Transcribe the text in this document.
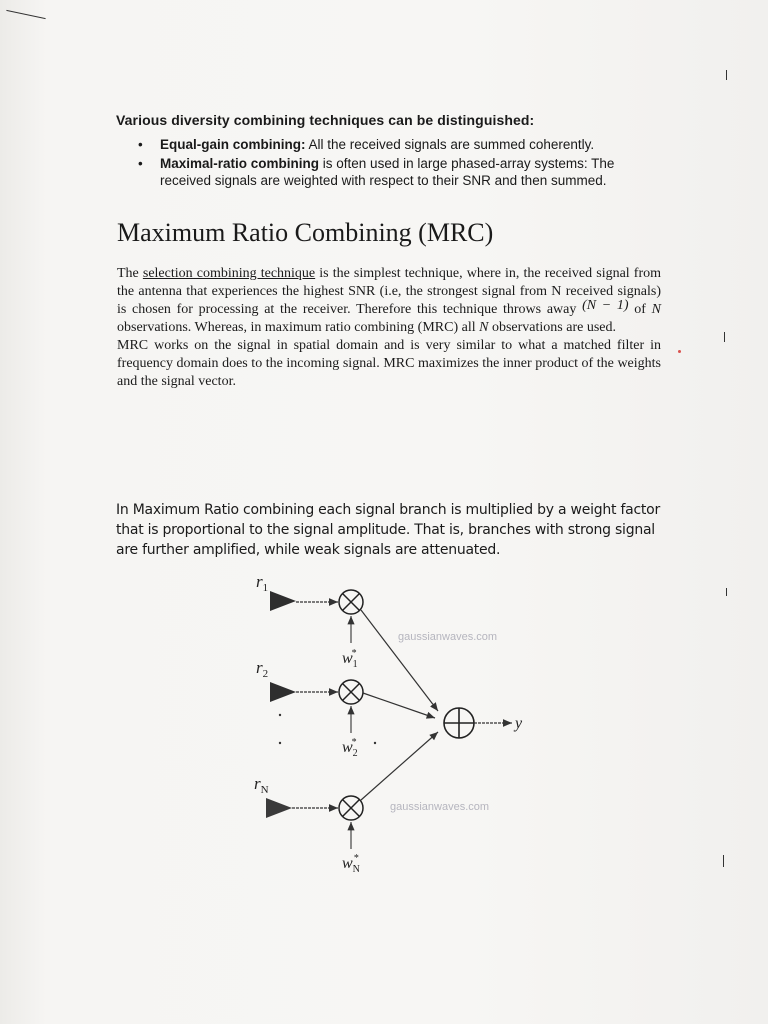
Various diversity combining techniques can be distinguished:
• Equal-gain combining: All the received signals are summed coherently.
• Maximal-ratio combining is often used in large phased-array systems: The received signals are weighted with respect to their SNR and then summed.
Maximum Ratio Combining (MRC)

The selection combining technique is the simplest technique, where in, the received signal from the antenna that experiences the highest SNR (i.e, the strongest signal from N received signals) is chosen for processing at the receiver. Therefore this technique throws away (N − 1) of N observations. Whereas, in maximum ratio combining (MRC) all N observations are used.

MRC works on the signal in spatial domain and is very similar to what a matched filter in frequency domain does to the incoming signal. MRC maximizes the inner product of the weights and the signal vector.

In Maximum Ratio combining each signal branch is multiplied by a weight factor that is proportional to the signal amplitude. That is, branches with strong signal are further amplified, while weak signals are attenuated.
gaussianwaves.com
gaussianwaves.com
$r_1$
$w_1*$
$r_2$
$w_2*$
$r_N$
$w_N*$
y
